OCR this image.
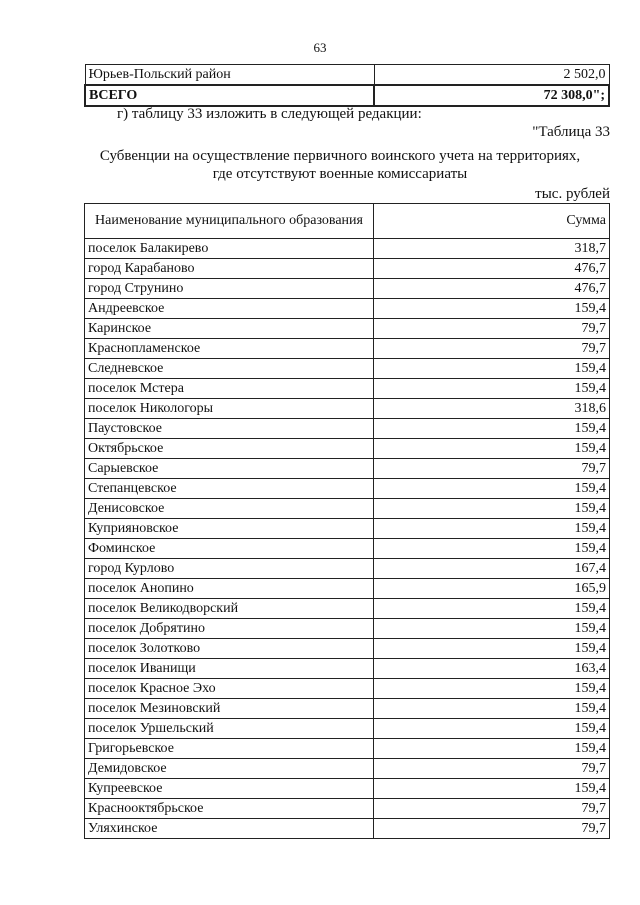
63
Юрьев-Польский район	2 502,0
ВСЕГО	72 308,0";
г) таблицу 33 изложить в следующей редакции:
"Таблица 33
Субвенции на осуществление первичного воинского учета на территориях,
где отсутствуют военные комиссариаты
тыс. рублей
Наименование муниципального образования	Сумма
поселок Балакирево	318,7
город Карабаново	476,7
город Струнино	476,7
Андреевское	159,4
Каринское	79,7
Краснопламенское	79,7
Следневское	159,4
поселок Мстера	159,4
поселок Никологоры	318,6
Паустовское	159,4
Октябрьское	159,4
Сарыевское	79,7
Степанцевское	159,4
Денисовское	159,4
Куприяновское	159,4
Фоминское	159,4
город Курлово	167,4
поселок Анопино	165,9
поселок Великодворский	159,4
поселок Добрятино	159,4
поселок Золотково	159,4
поселок Иванищи	163,4
поселок Красное Эхо	159,4
поселок Мезиновский	159,4
поселок Уршельский	159,4
Григорьевское	159,4
Демидовское	79,7
Купреевское	159,4
Краснооктябрьское	79,7
Уляхинское	79,7
